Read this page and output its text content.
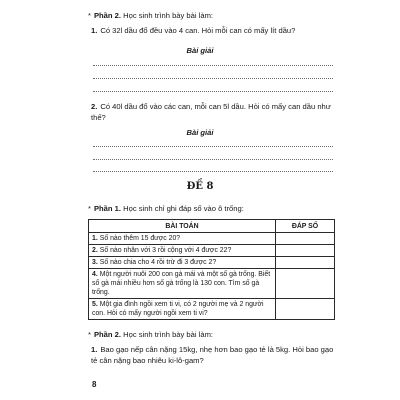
* Phần 2. Học sinh trình bày bài làm:
1. Có 32l dầu đổ đều vào 4 can. Hỏi mỗi can có mấy lít dầu?
Bài giải
2. Có 40l dầu đổ vào các can, mỗi can 5l dầu. Hỏi có mấy can dầu như thế?
Bài giải
ĐỀ 8
* Phần 1. Học sinh chỉ ghi đáp số vào ô trống:
BÀI TOÁN	ĐÁP SỐ
1. Số nào thêm 15 được 20?	
2. Số nào nhân với 3 rồi cộng với 4 được 22?	
3. Số nào chia cho 4 rồi trừ đi 3 được 2?	
4. Một người nuôi 200 con gà mái và một số gà trống. Biết số gà mái nhiều hơn số gà trống là 130 con. Tìm số gà trống.	
5. Một gia đình ngồi xem ti vi, có 2 người mẹ và 2 người con. Hỏi có mấy người ngồi xem ti vi?	
* Phần 2. Học sinh trình bày bài làm:
1. Bao gạo nếp cân nặng 15kg, nhẹ hơn bao gạo tẻ là 5kg. Hỏi bao gạo tẻ cân nặng bao nhiêu ki-lô-gam?
8
